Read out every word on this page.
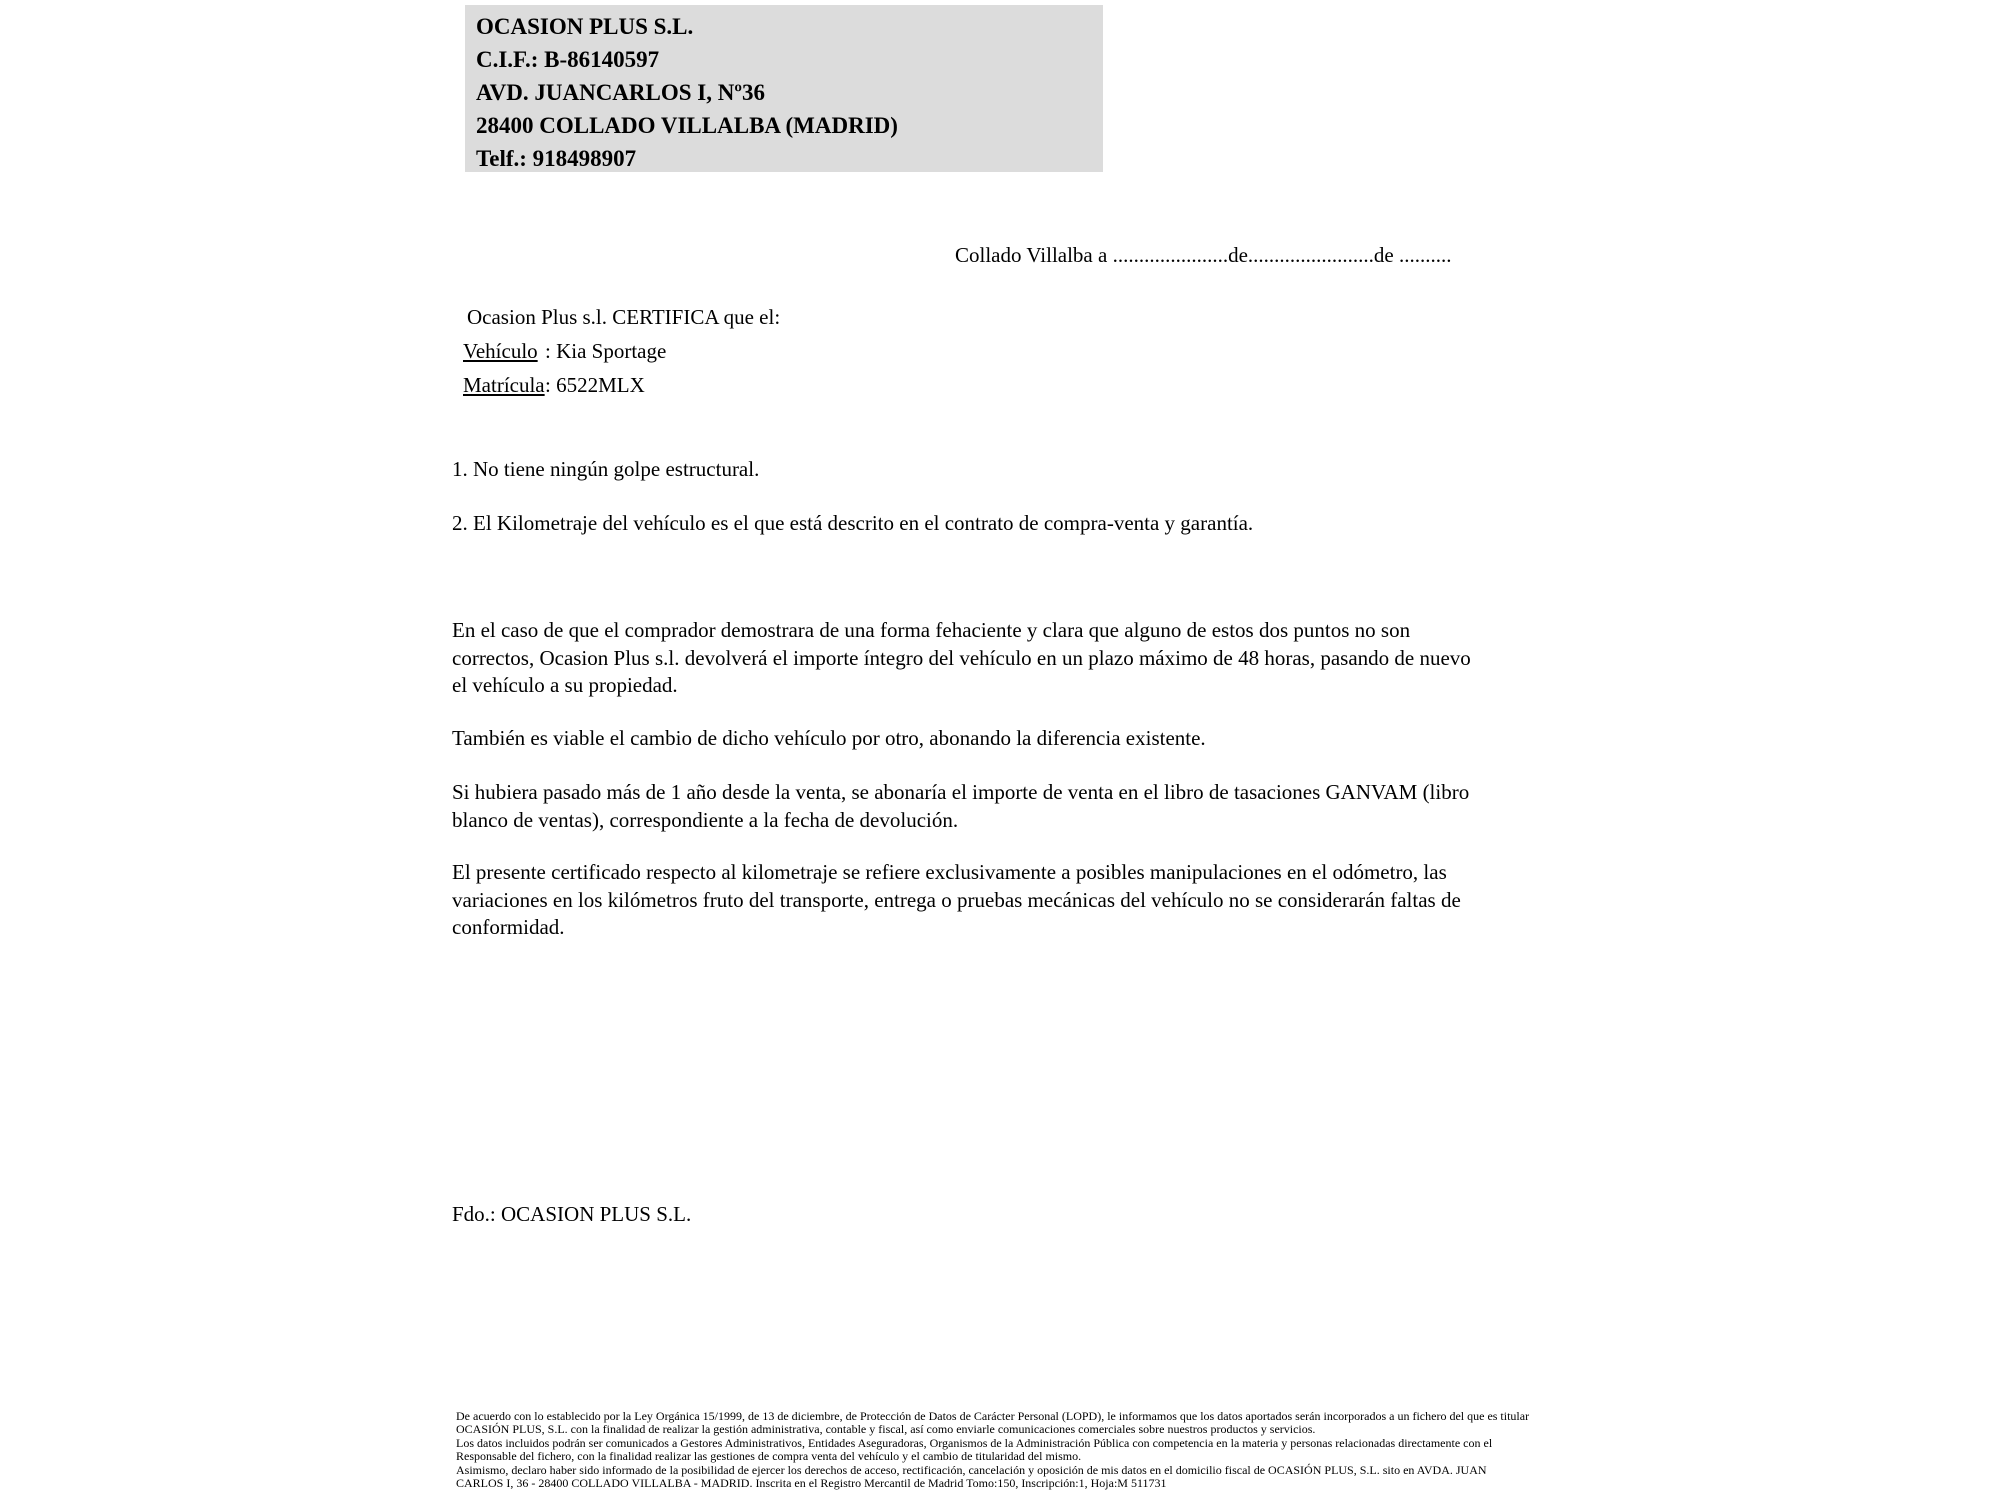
OCASION PLUS S.L.
C.I.F.: B-86140597
AVD. JUANCARLOS I, Nº36
28400 COLLADO VILLALBA (MADRID)
Telf.: 918498907
Collado Villalba a ......................de........................de ..........
Ocasion Plus s.l. CERTIFICA que el:
Vehículo : Kia Sportage
Matrícula: 6522MLX
1. No tiene ningún golpe estructural.
2. El Kilometraje del vehículo es el que está descrito en el contrato de compra-venta y garantía.
En el caso de que el comprador demostrara de una forma fehaciente y clara que alguno de estos dos puntos no son correctos, Ocasion Plus s.l. devolverá el importe íntegro del vehículo en un plazo máximo de 48 horas, pasando de nuevo el vehículo a su propiedad.
También es viable el cambio de dicho vehículo por otro, abonando la diferencia existente.
Si hubiera pasado más de 1 año desde la venta, se abonaría el importe de venta en el libro de tasaciones GANVAM (libro blanco de ventas), correspondiente a la fecha de devolución.
El presente certificado respecto al kilometraje se refiere exclusivamente a posibles manipulaciones en el odómetro, las variaciones en los kilómetros fruto del transporte, entrega o pruebas mecánicas del vehículo no se considerarán faltas de conformidad.
Fdo.: OCASION PLUS S.L.
De acuerdo con lo establecido por la Ley Orgánica 15/1999, de 13 de diciembre, de Protección de Datos de Carácter Personal (LOPD), le informamos que los datos aportados serán incorporados a un fichero del que es titular
OCASIÓN PLUS, S.L. con la finalidad de realizar la gestión administrativa, contable y fiscal, así como enviarle comunicaciones comerciales sobre nuestros productos y servicios.
Los datos incluidos podrán ser comunicados a Gestores Administrativos, Entidades Aseguradoras, Organismos de la Administración Pública con competencia en la materia y personas relacionadas directamente con el
Responsable del fichero, con la finalidad realizar las gestiones de compra venta del vehículo y el cambio de titularidad del mismo.
Asimismo, declaro haber sido informado de la posibilidad de ejercer los derechos de acceso, rectificación, cancelación y oposición de mis datos en el domicilio fiscal de OCASIÓN PLUS, S.L. sito en AVDA. JUAN
CARLOS I, 36 - 28400 COLLADO VILLALBA - MADRID. Inscrita en el Registro Mercantil de Madrid Tomo:150, Inscripción:1, Hoja:M 511731
